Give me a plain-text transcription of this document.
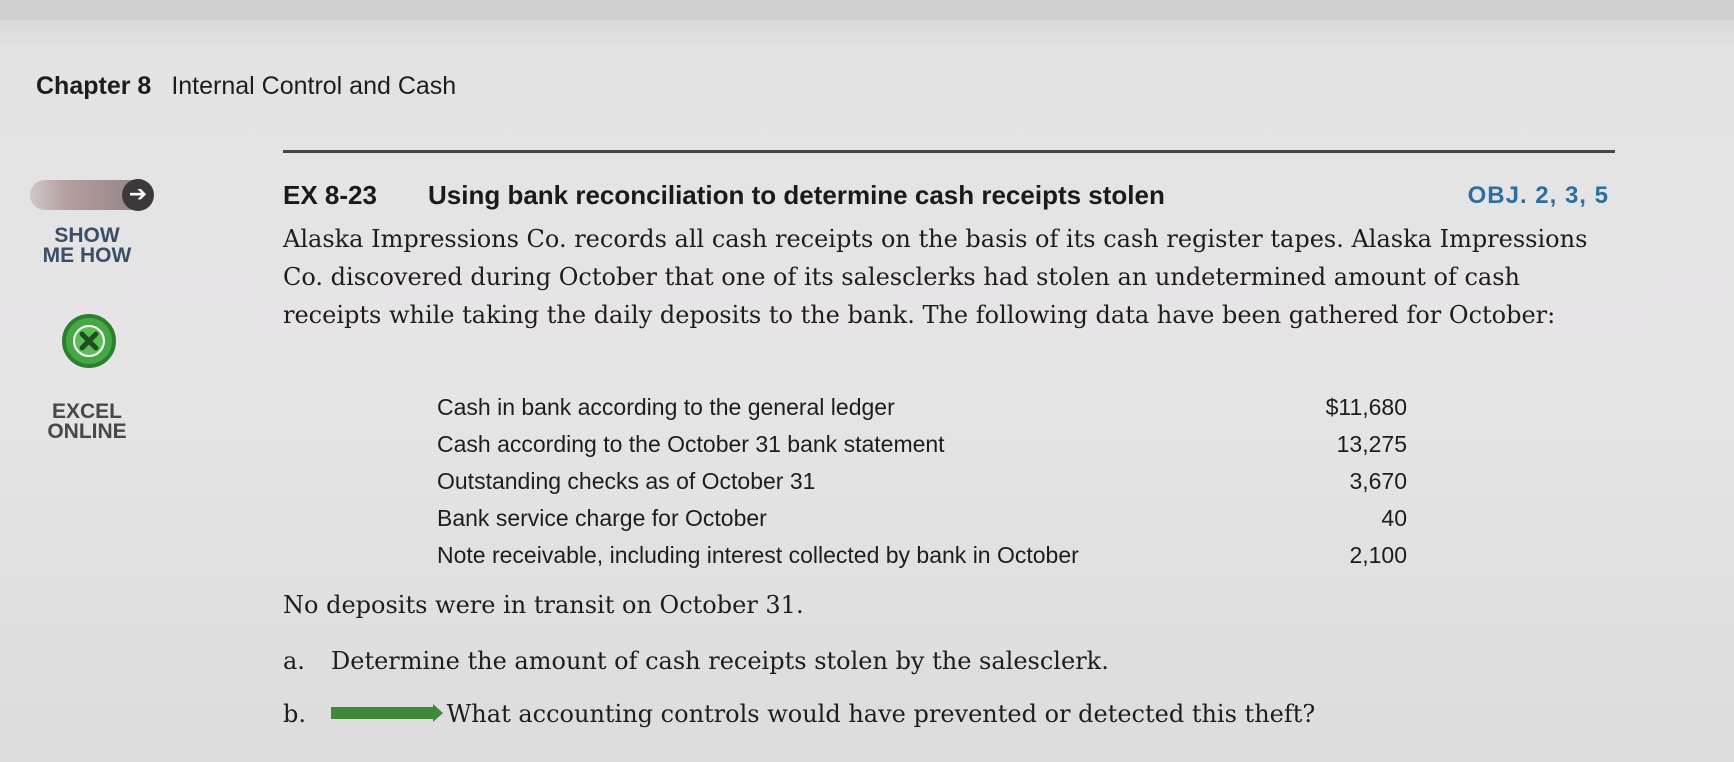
Chapter 8 Internal Control and Cash
➔
SHOW
ME HOW
EXCEL
ONLINE
EX 8-23 Using bank reconciliation to determine cash receipts stolen	OBJ. 2, 3, 5
Alaska Impressions Co. records all cash receipts on the basis of its cash register tapes. Alaska Impressions Co. discovered during October that one of its salesclerks had stolen an undetermined amount of cash receipts while taking the daily deposits to the bank. The following data have been gathered for October:
Cash in bank according to the general ledger	$11,680
Cash according to the October 31 bank statement	13,275
Outstanding checks as of October 31	3,670
Bank service charge for October	40
Note receivable, including interest collected by bank in October	2,100
No deposits were in transit on October 31.
a. Determine the amount of cash receipts stolen by the salesclerk.
b.	What accounting controls would have prevented or detected this theft?
